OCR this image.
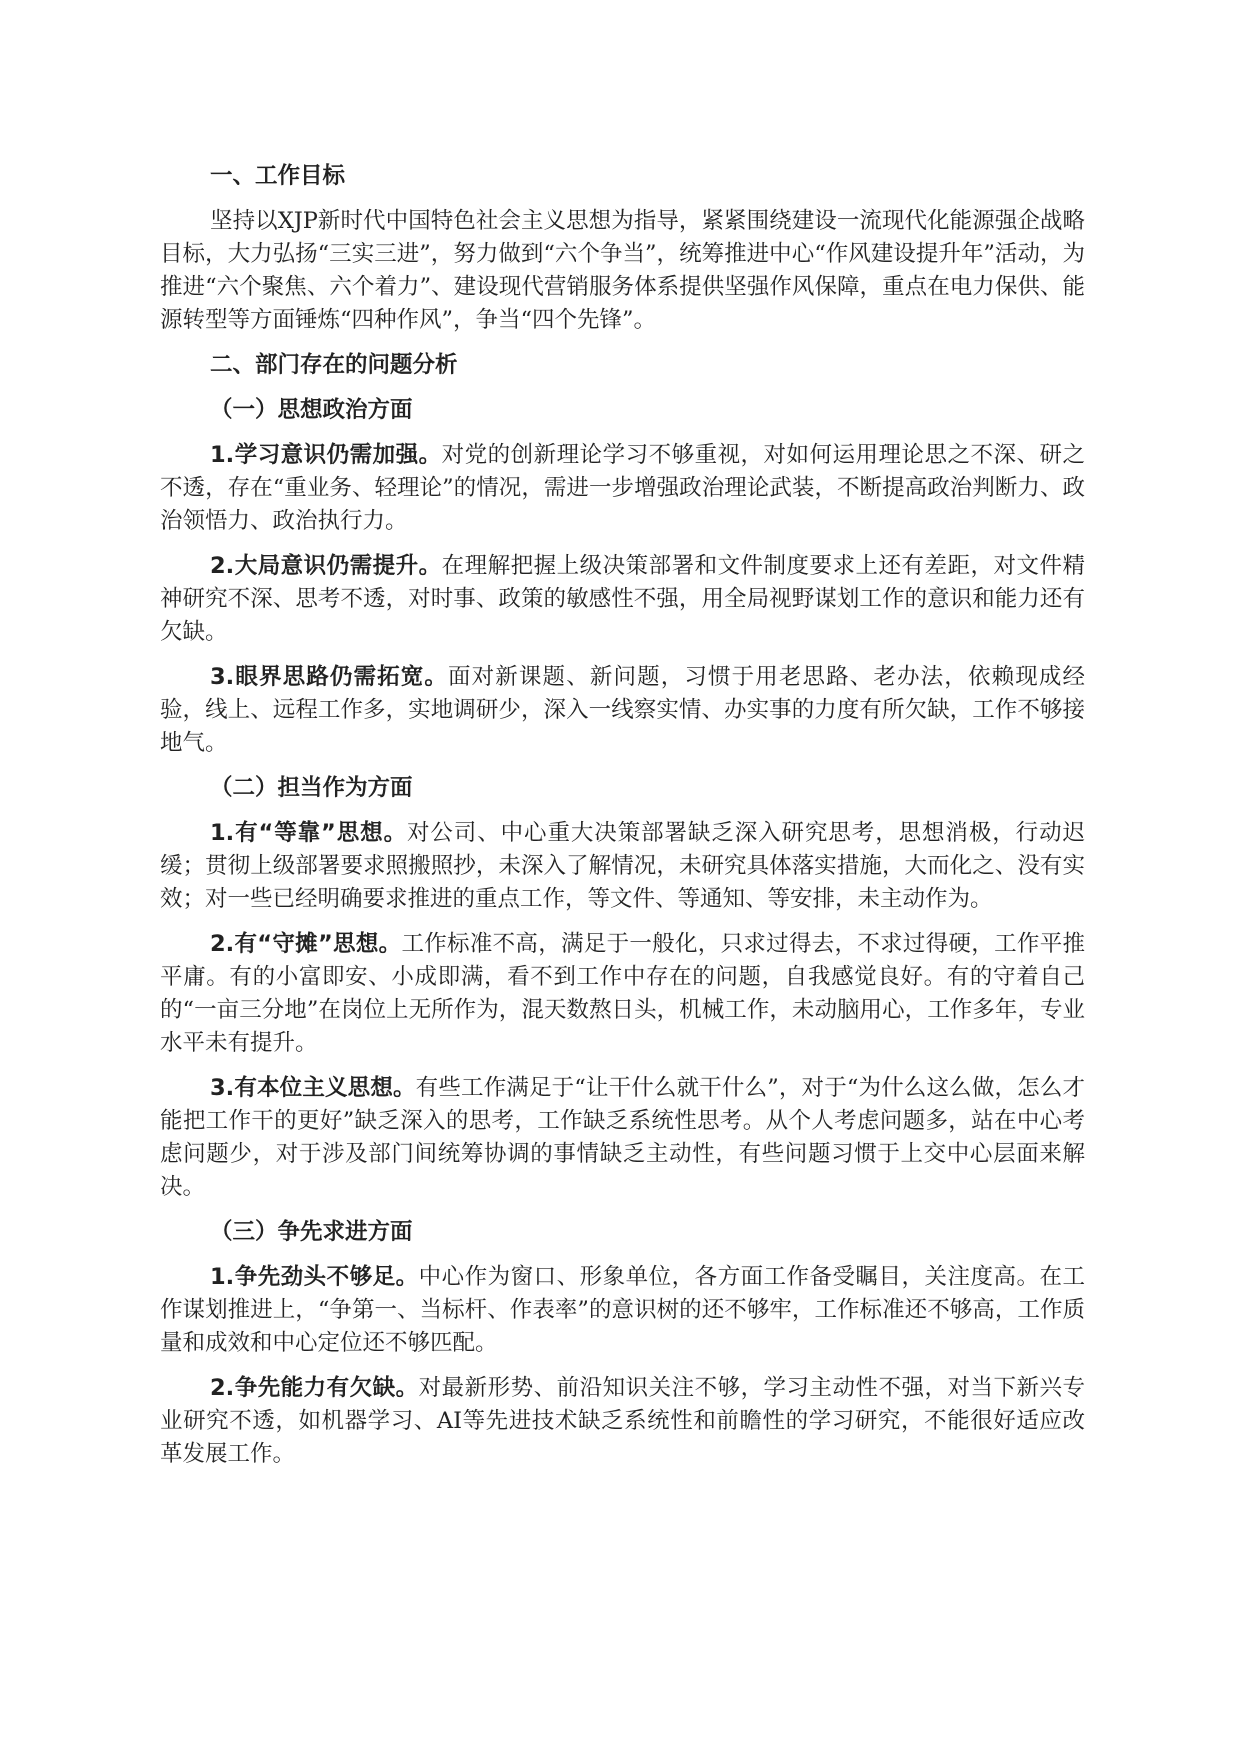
一、工作目标

坚持以XJP新时代中国特色社会主义思想为指导，紧紧围绕建设一流现代化能源强企战略目标，大力弘扬“三实三进”，努力做到“六个争当”，统筹推进中心“作风建设提升年”活动，为推进“六个聚焦、六个着力”、建设现代营销服务体系提供坚强作风保障，重点在电力保供、能源转型等方面锤炼“四种作风”，争当“四个先锋”。

二、部门存在的问题分析
（一）思想政治方面

1.学习意识仍需加强。对党的创新理论学习不够重视，对如何运用理论思之不深、研之不透，存在“重业务、轻理论”的情况，需进一步增强政治理论武装，不断提高政治判断力、政治领悟力、政治执行力。

2.大局意识仍需提升。在理解把握上级决策部署和文件制度要求上还有差距，对文件精神研究不深、思考不透，对时事、政策的敏感性不强，用全局视野谋划工作的意识和能力还有欠缺。

3.眼界思路仍需拓宽。面对新课题、新问题，习惯于用老思路、老办法，依赖现成经验，线上、远程工作多，实地调研少，深入一线察实情、办实事的力度有所欠缺，工作不够接地气。

（二）担当作为方面

1.有“等靠”思想。对公司、中心重大决策部署缺乏深入研究思考，思想消极，行动迟缓；贯彻上级部署要求照搬照抄，未深入了解情况，未研究具体落实措施，大而化之、没有实效；对一些已经明确要求推进的重点工作，等文件、等通知、等安排，未主动作为。

2.有“守摊”思想。工作标准不高，满足于一般化，只求过得去，不求过得硬，工作平推平庸。有的小富即安、小成即满，看不到工作中存在的问题，自我感觉良好。有的守着自己的“一亩三分地”在岗位上无所作为，混天数熬日头，机械工作，未动脑用心，工作多年，专业水平未有提升。

3.有本位主义思想。有些工作满足于“让干什么就干什么”，对于“为什么这么做，怎么才能把工作干的更好”缺乏深入的思考，工作缺乏系统性思考。从个人考虑问题多，站在中心考虑问题少，对于涉及部门间统筹协调的事情缺乏主动性，有些问题习惯于上交中心层面来解决。

（三）争先求进方面

1.争先劲头不够足。中心作为窗口、形象单位，各方面工作备受瞩目，关注度高。在工作谋划推进上，“争第一、当标杆、作表率”的意识树的还不够牢，工作标准还不够高，工作质量和成效和中心定位还不够匹配。

2.争先能力有欠缺。对最新形势、前沿知识关注不够，学习主动性不强，对当下新兴专业研究不透，如机器学习、AI等先进技术缺乏系统性和前瞻性的学习研究，不能很好适应改革发展工作。
